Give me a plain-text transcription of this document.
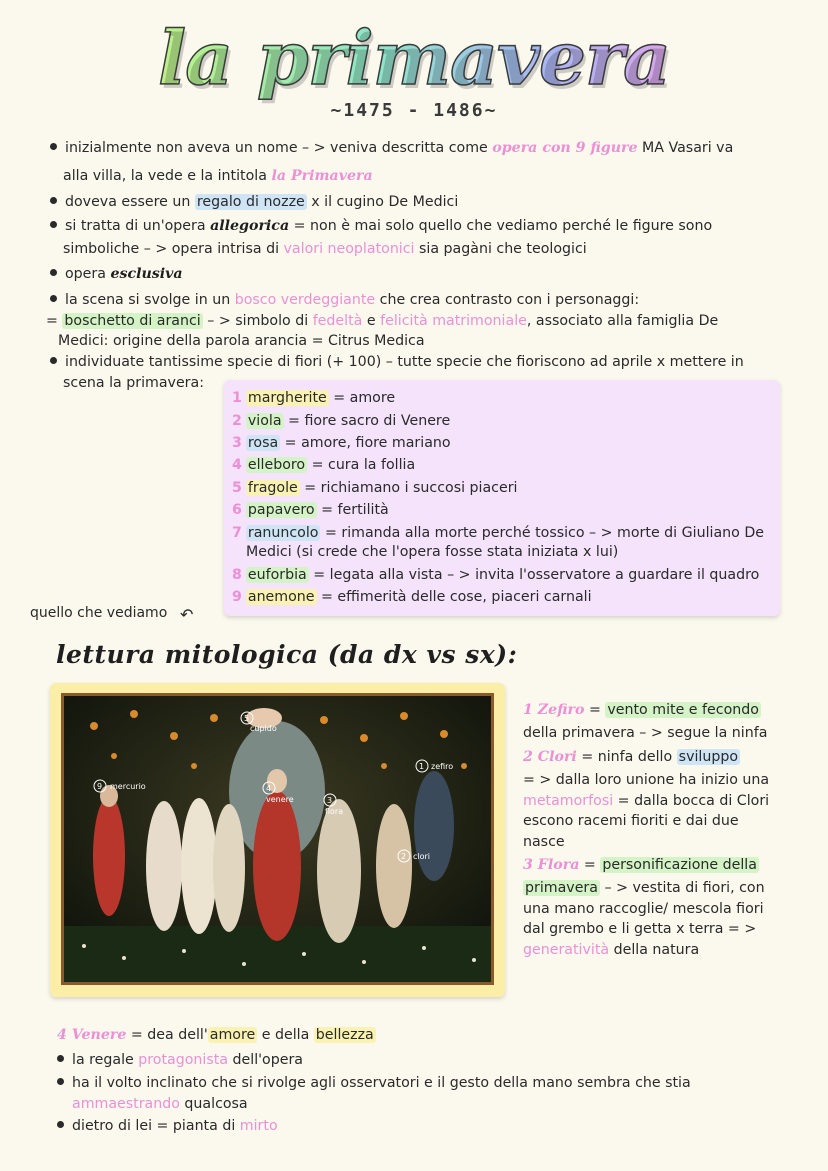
la primavera
~1475 - 1486~
inizialmente non aveva un nome – > veniva descritta come opera con 9 figure MA Vasari va
alla villa, la vede e la intitola la Primavera
doveva essere un regalo di nozze x il cugino De Medici
si tratta di un'opera allegorica = non è mai solo quello che vediamo perché le figure sono
simboliche – > opera intrisa di valori neoplatonici sia pagàni che teologici
opera esclusiva
la scena si svolge in un bosco verdeggiante che crea contrasto con i personaggi:
= boschetto di aranci – > simbolo di fedeltà e felicità matrimoniale, associato alla famiglia De
Medici: origine della parola arancia = Citrus Medica
individuate tantissime specie di fiori (+ 100) – tutte specie che fioriscono ad aprile x mettere in
scena la primavera:
1 margherite = amore
2 viola = fiore sacro di Venere
3 rosa = amore, fiore mariano
4 elleboro = cura la follia
5 fragole = richiamano i succosi piaceri
6 papavero = fertilità
7 ranuncolo = rimanda alla morte perché tossico – > morte di Giuliano De
Medici (si crede che l'opera fosse stata iniziata x lui)
8 euforbia = legata alla vista – > invita l'osservatore a guardare il quadro
9 anemone = effimerità delle cose, piaceri carnali
quello che vediamo ↶
lettura mitologica (da dx vs sx):
1 zefiro
2 clori
3
flora
4
venere
5
cupido
9 mercurio
1 Zefiro = vento mite e fecondo
della primavera – > segue la ninfa
2 Clori = ninfa dello sviluppo
= > dalla loro unione ha inizio una
metamorfosi = dalla bocca di Clori
escono racemi fioriti e dai due
nasce
3 Flora = personificazione della
primavera – > vestita di fiori, con
una mano raccoglie/ mescola fiori
dal grembo e li getta x terra = >
generatività della natura
4 Venere = dea dell' amore e della bellezza
la regale protagonista dell'opera
ha il volto inclinato che si rivolge agli osservatori e il gesto della mano sembra che stia
ammaestrando qualcosa
dietro di lei = pianta di mirto
